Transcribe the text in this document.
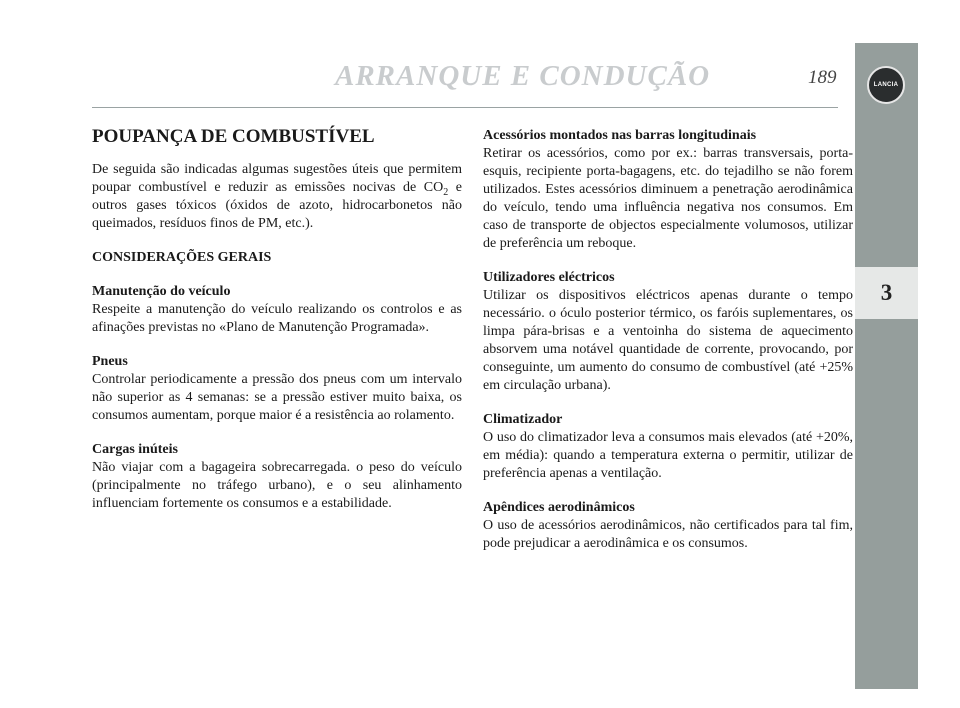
ARRANQUE E CONDUÇÃO	189	LANCIA
3
POUPANÇA DE COMBUSTÍVEL

De seguida são indicadas algumas sugestões úteis que permitem poupar combustível e reduzir as emissões nocivas de $CO_2$ e outros gases tóxicos (óxidos de azoto, hidrocarbonetos não queimados, resíduos finos de PM, etc.).

CONSIDERAÇÕES GERAIS

Manutenção do veículo

Respeite a manutenção do veículo realizando os controlos e as afinações previstas no «Plano de Manutenção Programada».

Pneus

Controlar periodicamente a pressão dos pneus com um intervalo não superior as 4 semanas: se a pressão estiver muito baixa, os consumos aumentam, porque maior é a resistência ao rolamento.

Cargas inúteis

Não viajar com a bagageira sobrecarregada. o peso do veículo (principalmente no tráfego urbano), e o seu alinhamento influenciam fortemente os consumos e a estabilidade.

Acessórios montados nas barras longitudinais

Retirar os acessórios, como por ex.: barras transversais, porta-esquis, recipiente porta-bagagens, etc. do tejadilho se não forem utilizados. Estes acessórios diminuem a penetração aerodinâmica do veículo, tendo uma influência negativa nos consumos. Em caso de transporte de objectos especialmente volumosos, utilizar de preferência um reboque.

Utilizadores eléctricos

Utilizar os dispositivos eléctricos apenas durante o tempo necessário. o óculo posterior térmico, os faróis suplementares, os limpa pára-brisas e a ventoinha do sistema de aquecimento absorvem uma notável quantidade de corrente, provocando, por conseguinte, um aumento do consumo de combustível (até +25% em circulação urbana).

Climatizador

O uso do climatizador leva a consumos mais elevados (até +20%, em média): quando a temperatura externa o permitir, utilizar de preferência apenas a ventilação.

Apêndices aerodinâmicos

O uso de acessórios aerodinâmicos, não certificados para tal fim, pode prejudicar a aerodinâmica e os consumos.
